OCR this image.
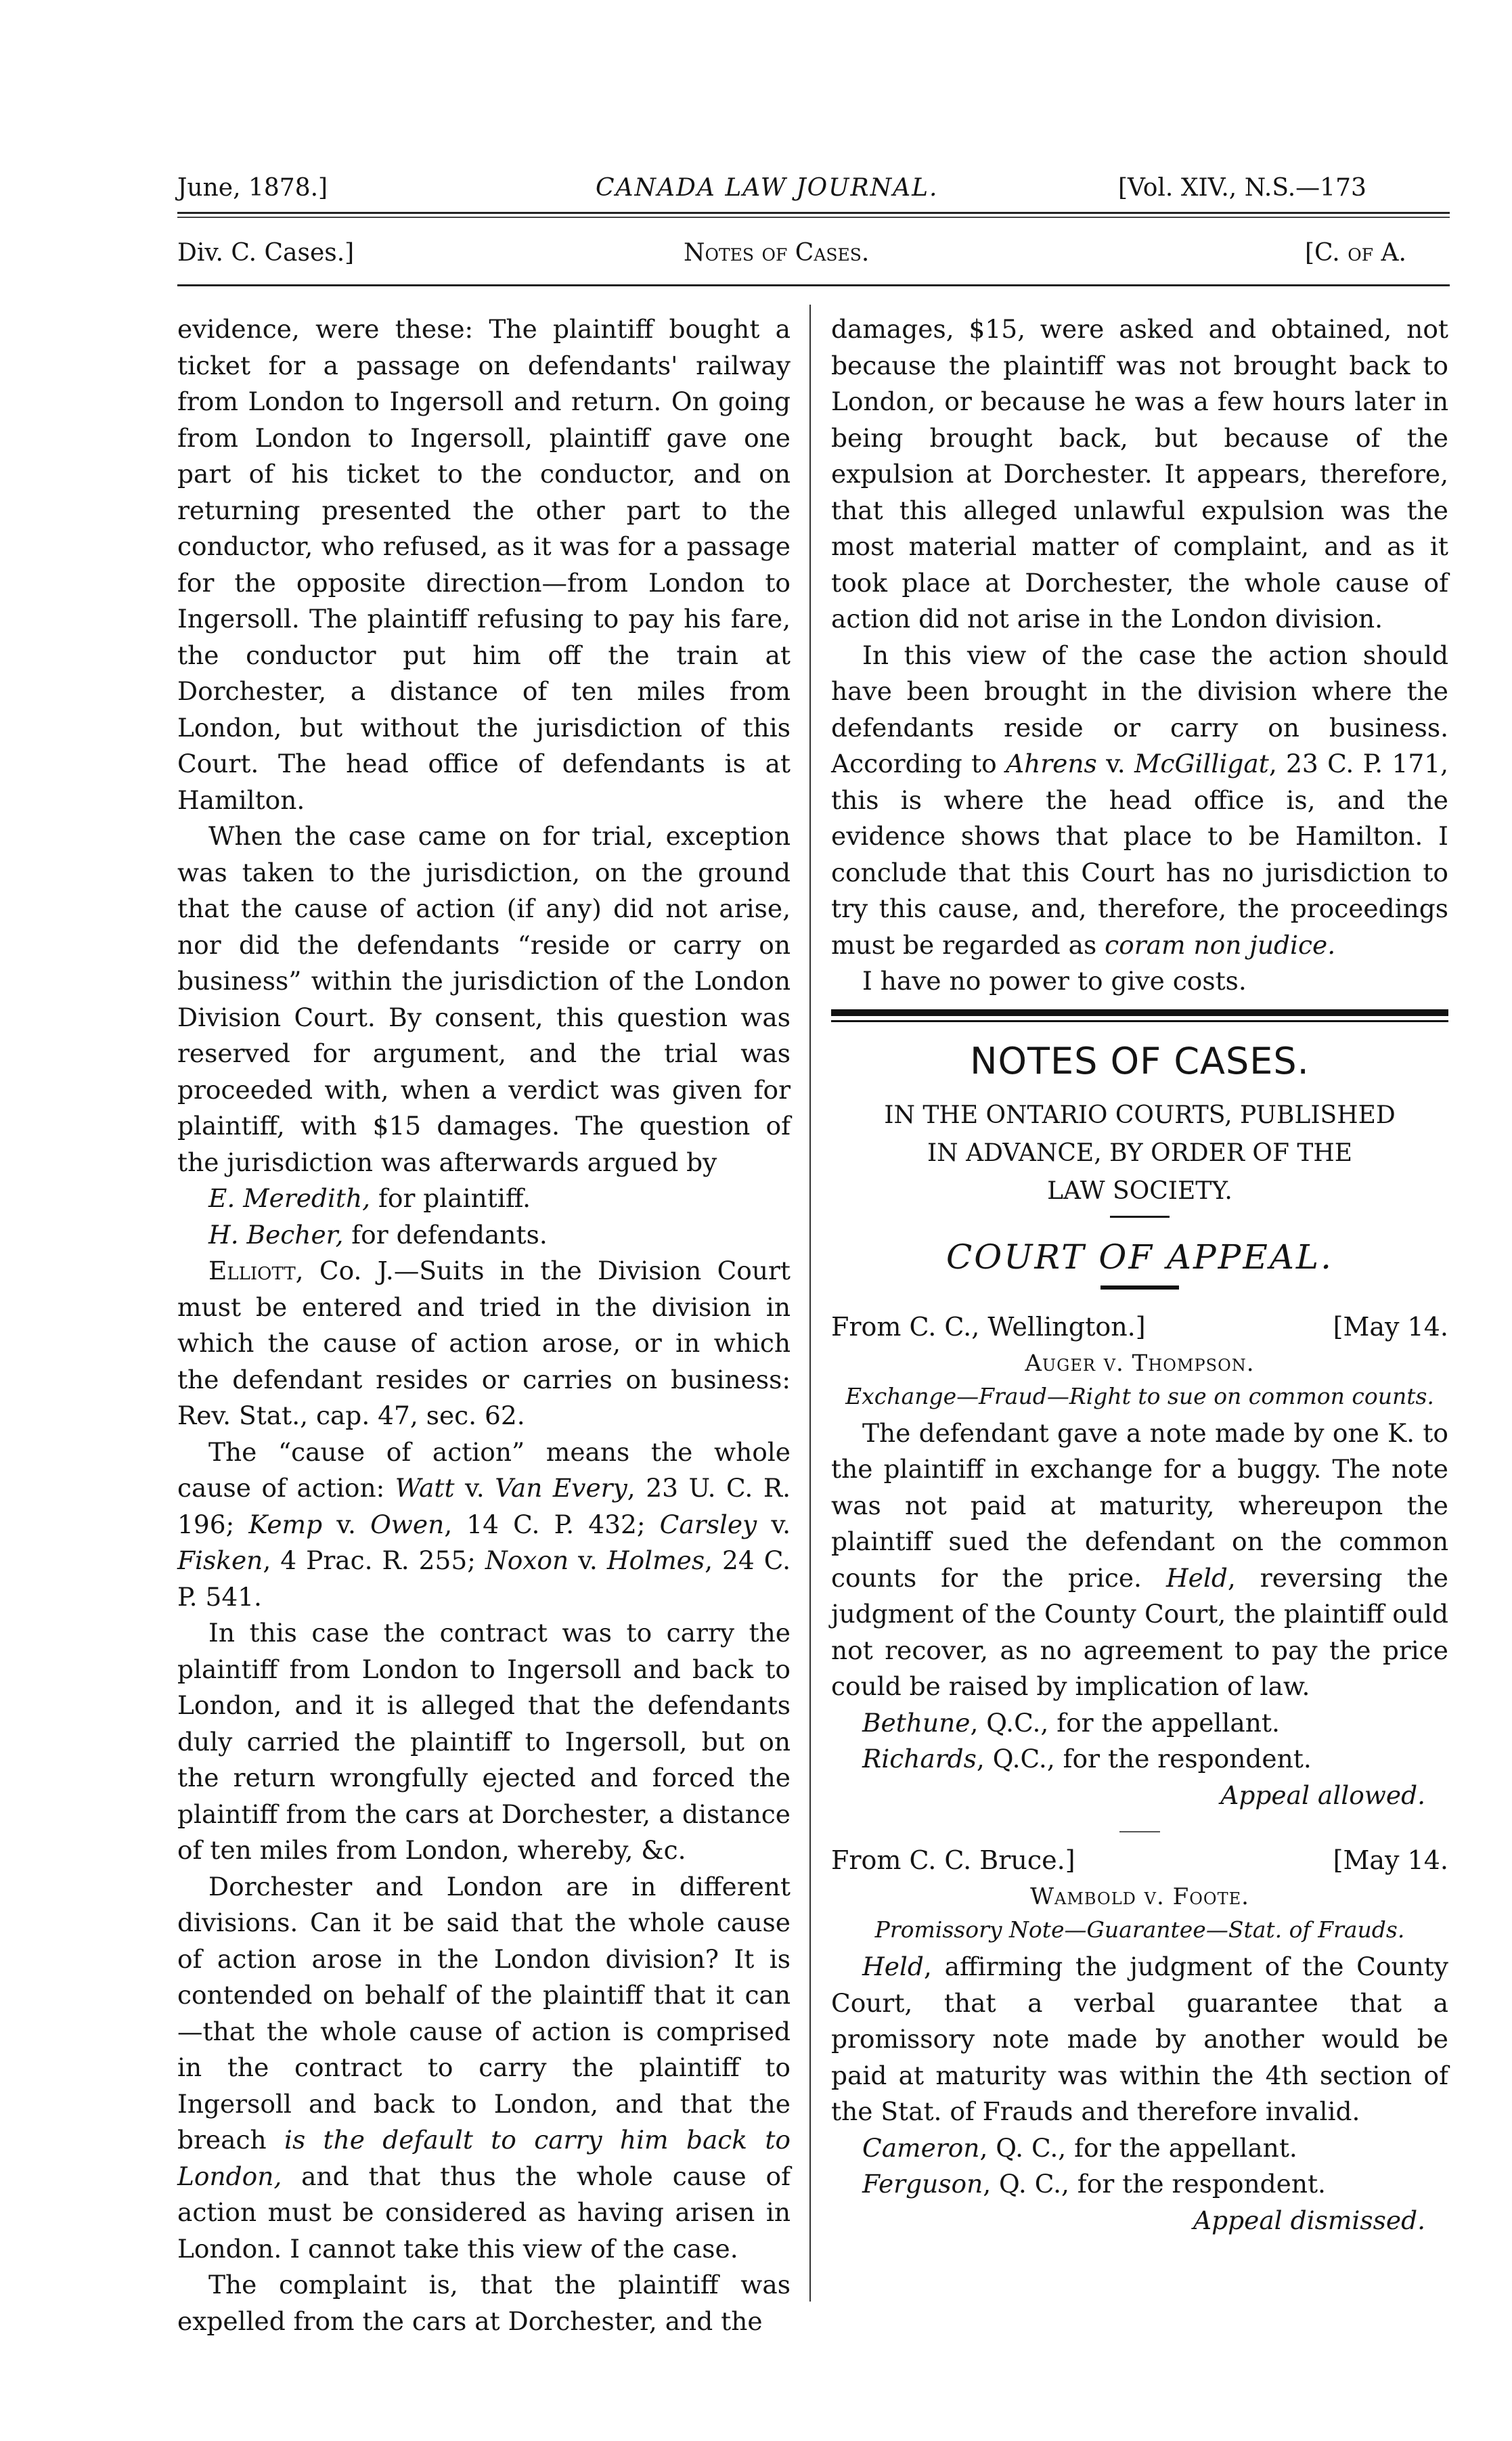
June, 1878.]	CANADA LAW JOURNAL.	[Vol. XIV., N.S.—173
Div. C. Cases.]	Notes of Cases.	[C. of A.

evidence, were these: The plaintiff bought a ticket for a passage on defendants' railway from London to Ingersoll and return. On going from London to Ingersoll, plaintiff gave one part of his ticket to the conductor, and on returning presented the other part to the conductor, who refused, as it was for a passage for the opposite direction—from London to Ingersoll. The plaintiff refusing to pay his fare, the conductor put him off the train at Dorchester, a distance of ten miles from London, but without the jurisdiction of this Court. The head office of defendants is at Hamilton.

When the case came on for trial, exception was taken to the jurisdiction, on the ground that the cause of action (if any) did not arise, nor did the defendants “reside or carry on business” within the jurisdiction of the London Division Court. By consent, this question was reserved for argument, and the trial was proceeded with, when a verdict was given for plaintiff, with $15 damages. The question of the jurisdiction was afterwards argued by

E. Meredith, for plaintiff.

H. Becher, for defendants.

Elliott, Co. J.—Suits in the Division Court must be entered and tried in the division in which the cause of action arose, or in which the defendant resides or carries on business: Rev. Stat., cap. 47, sec. 62.

The “cause of action” means the whole cause of action: Watt v. Van Every, 23 U. C. R. 196; Kemp v. Owen, 14 C. P. 432; Carsley v. Fisken, 4 Prac. R. 255; Noxon v. Holmes, 24 C. P. 541.

In this case the contract was to carry the plaintiff from London to Ingersoll and back to London, and it is alleged that the defendants duly carried the plaintiff to Ingersoll, but on the return wrongfully ejected and forced the plaintiff from the cars at Dorchester, a distance of ten miles from London, whereby, &c.

Dorchester and London are in different divisions. Can it be said that the whole cause of action arose in the London division? It is contended on behalf of the plaintiff that it can—that the whole cause of action is comprised in the contract to carry the plaintiff to Ingersoll and back to London, and that the breach is the default to carry him back to London, and that thus the whole cause of action must be considered as having arisen in London. I cannot take this view of the case.

The complaint is, that the plaintiff was expelled from the cars at Dorchester, and the

damages, $15, were asked and obtained, not because the plaintiff was not brought back to London, or because he was a few hours later in being brought back, but because of the expulsion at Dorchester. It appears, therefore, that this alleged unlawful expulsion was the most material matter of complaint, and as it took place at Dorchester, the whole cause of action did not arise in the London division.

In this view of the case the action should have been brought in the division where the defendants reside or carry on business. According to Ahrens v. McGilligat, 23 C. P. 171, this is where the head office is, and the evidence shows that place to be Hamilton. I conclude that this Court has no jurisdiction to try this cause, and, therefore, the proceedings must be regarded as coram non judice.

I have no power to give costs.

NOTES OF CASES.
IN THE ONTARIO COURTS, PUBLISHED
IN ADVANCE, BY ORDER OF THE
LAW SOCIETY.
COURT OF APPEAL.
From C. C., Wellington.]	[May 14.
Auger v. Thompson.
Exchange—Fraud—Right to sue on common counts.

The defendant gave a note made by one K. to the plaintiff in exchange for a buggy. The note was not paid at maturity, whereupon the plaintiff sued the defendant on the common counts for the price. Held, reversing the judgment of the County Court, the plaintiff ould not recover, as no agreement to pay the price could be raised by implication of law.

Bethune, Q.C., for the appellant.

Richards, Q.C., for the respondent.

Appeal allowed.

From C. C. Bruce.]	[May 14.
Wambold v. Foote.
Promissory Note—Guarantee—Stat. of Frauds.

Held, affirming the judgment of the County Court, that a verbal guarantee that a promissory note made by another would be paid at maturity was within the 4th section of the Stat. of Frauds and therefore invalid.

Cameron, Q. C., for the appellant.

Ferguson, Q. C., for the respondent.

Appeal dismissed.
